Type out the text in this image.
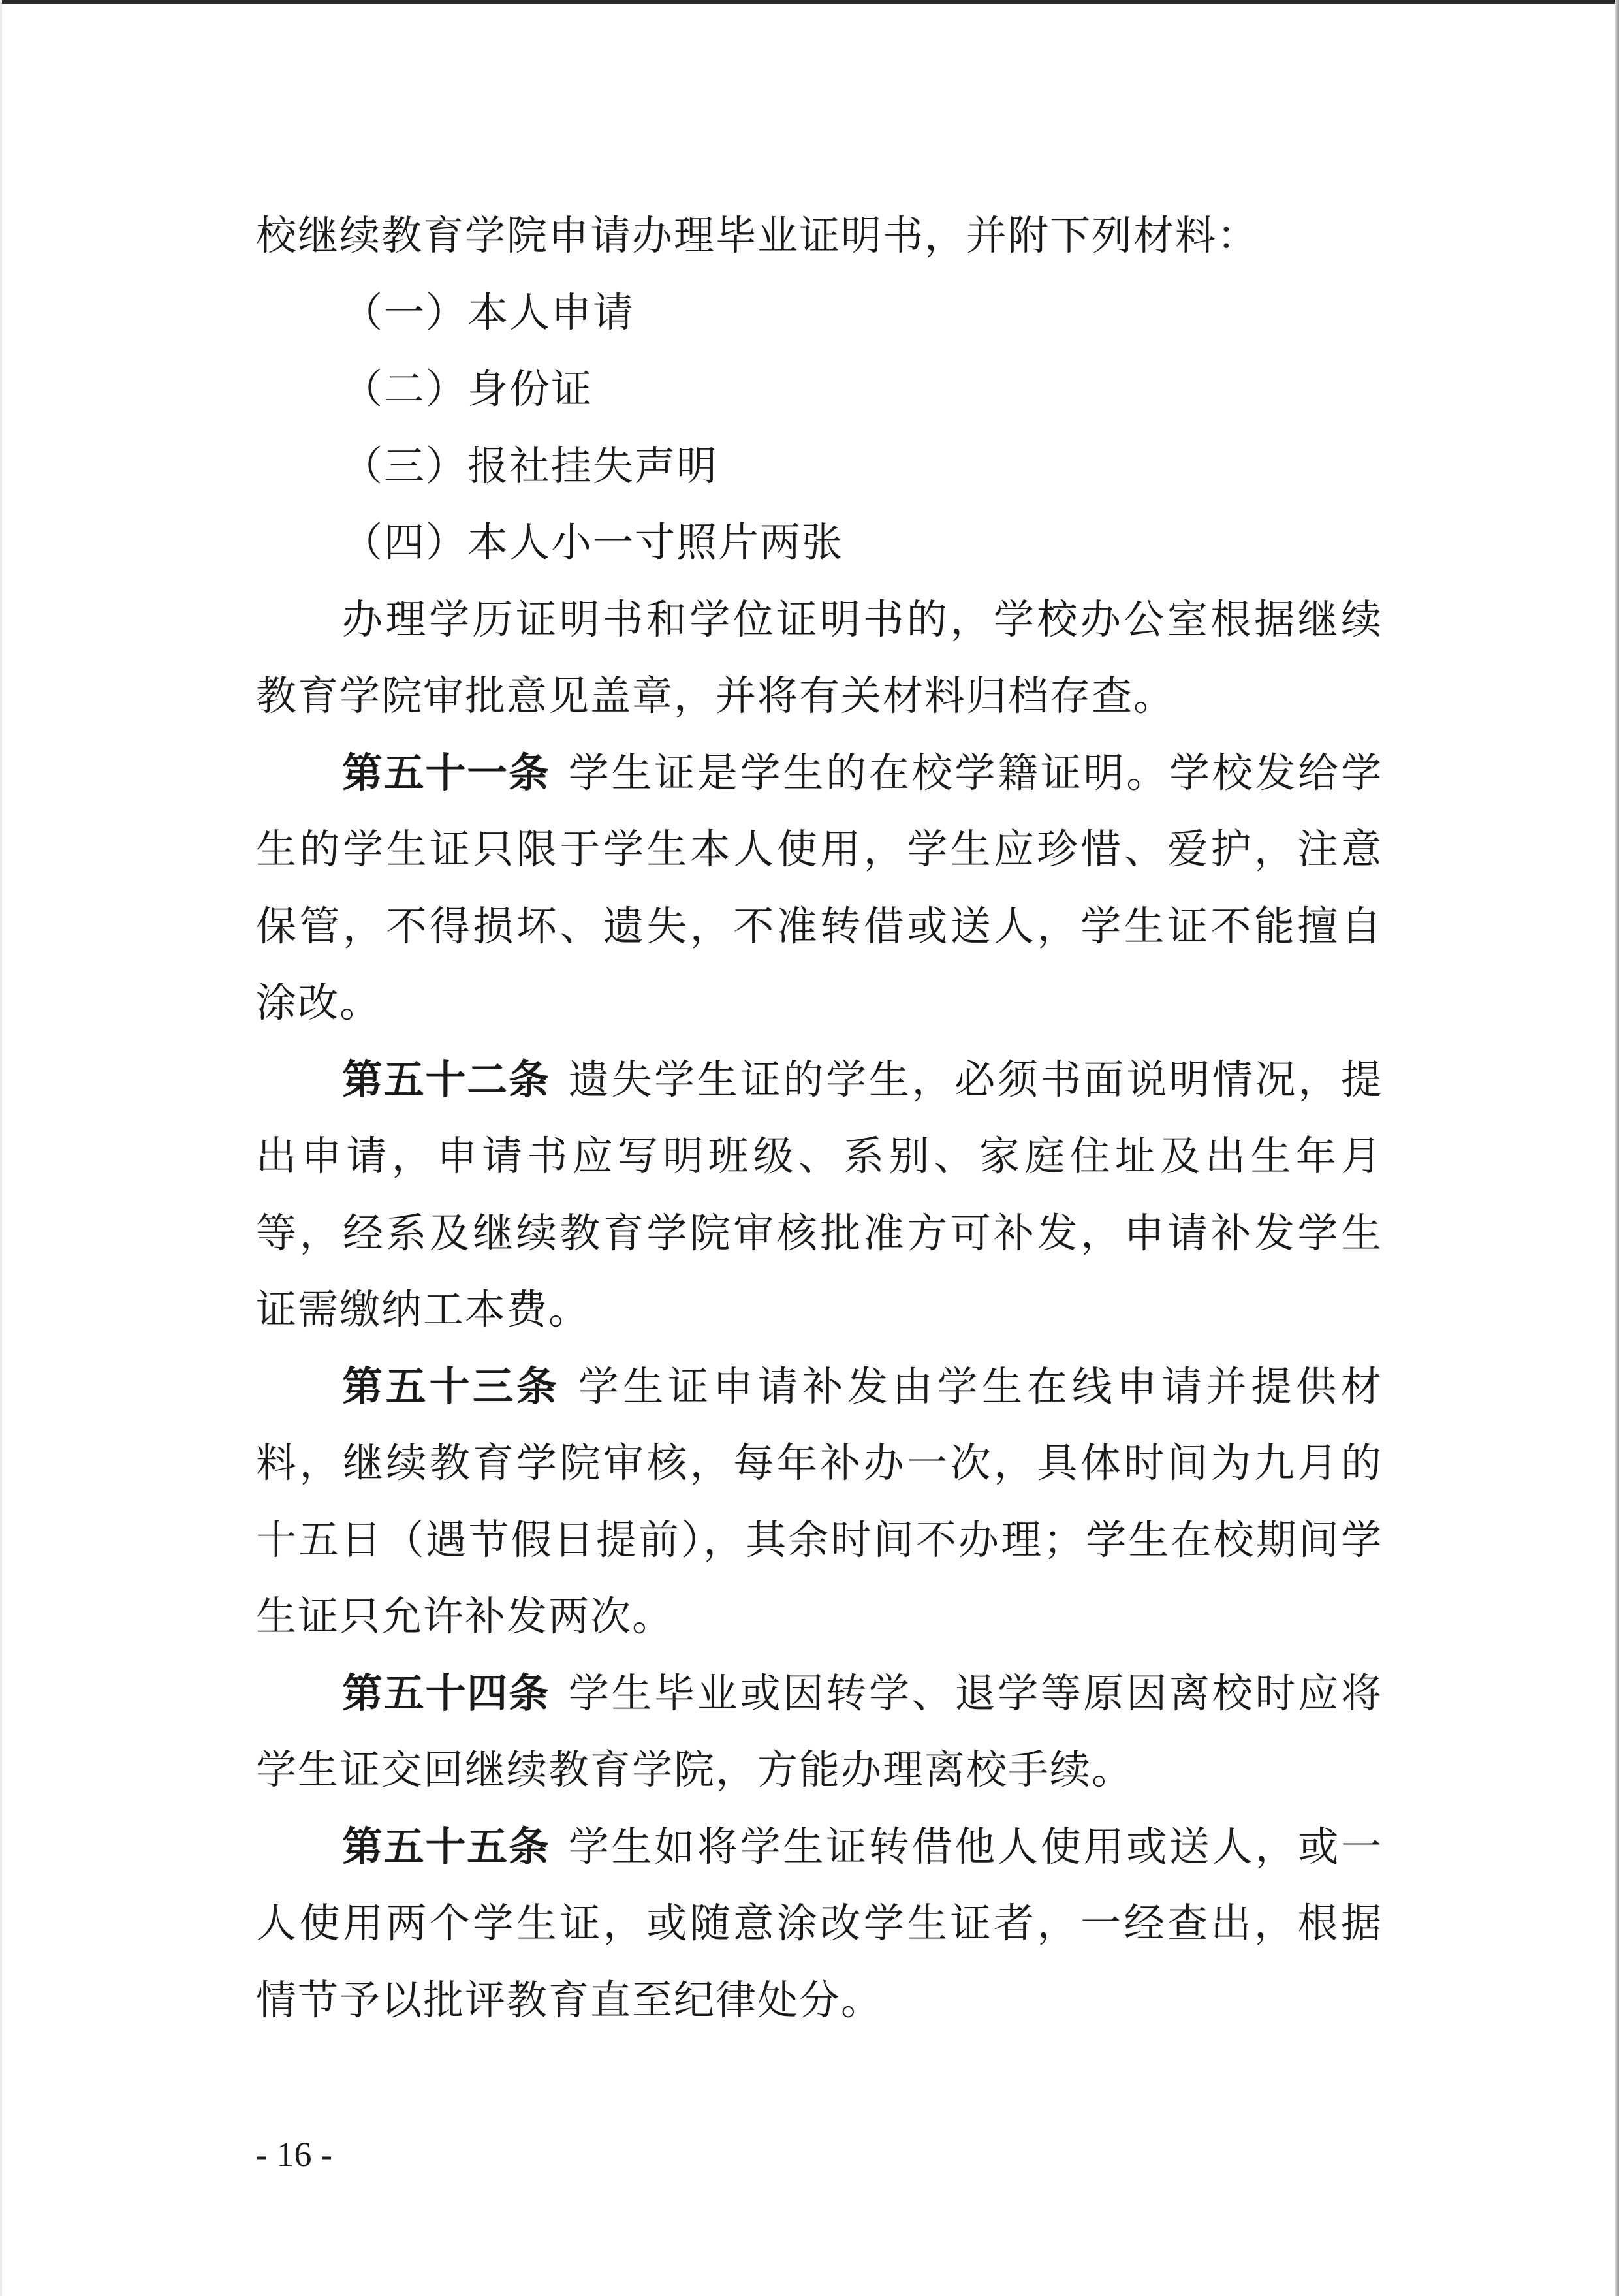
校继续教育学院申请办理毕业证明书，并附下列材料：

（一）本人申请

（二）身份证

（三）报社挂失声明

（四）本人小一寸照片两张

办理学历证明书和学位证明书的，学校办公室根据继续教育学院审批意见盖章，并将有关材料归档存查。

第五十一条 学生证是学生的在校学籍证明。学校发给学生的学生证只限于学生本人使用，学生应珍惜、爱护，注意保管，不得损坏、遗失，不准转借或送人，学生证不能擅自涂改。

第五十二条 遗失学生证的学生，必须书面说明情况，提出申请，申请书应写明班级、系别、家庭住址及出生年月等，经系及继续教育学院审核批准方可补发，申请补发学生证需缴纳工本费。

第五十三条 学生证申请补发由学生在线申请并提供材料，继续教育学院审核，每年补办一次，具体时间为九月的十五日（遇节假日提前），其余时间不办理；学生在校期间学生证只允许补发两次。

第五十四条 学生毕业或因转学、退学等原因离校时应将学生证交回继续教育学院，方能办理离校手续。

第五十五条 学生如将学生证转借他人使用或送人，或一人使用两个学生证，或随意涂改学生证者，一经查出，根据情节予以批评教育直至纪律处分。

- 16 -
